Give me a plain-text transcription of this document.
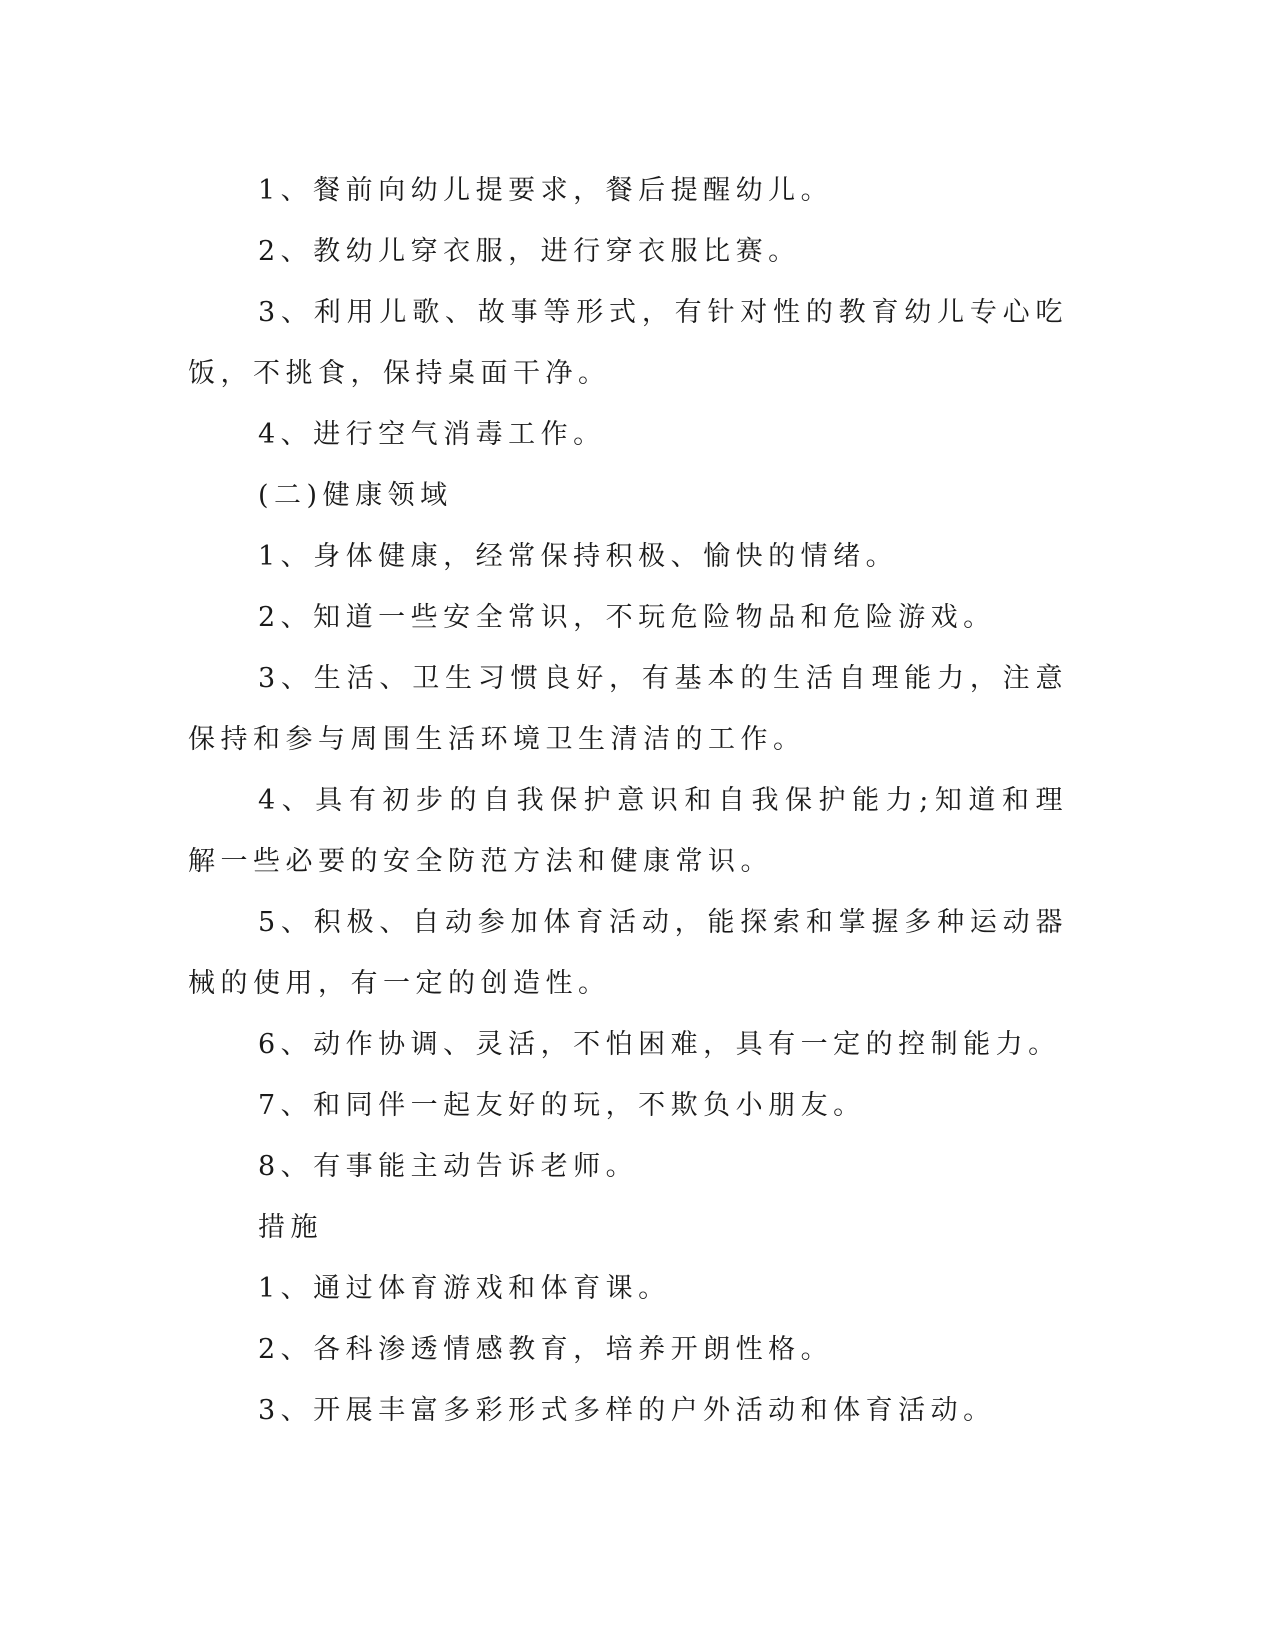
1、餐前向幼儿提要求，餐后提醒幼儿。

2、教幼儿穿衣服，进行穿衣服比赛。

3、利用儿歌、故事等形式，有针对性的教育幼儿专心吃饭，不挑食，保持桌面干净。

4、进行空气消毒工作。

(二)健康领域

1、身体健康，经常保持积极、愉快的情绪。

2、知道一些安全常识，不玩危险物品和危险游戏。

3、生活、卫生习惯良好，有基本的生活自理能力，注意保持和参与周围生活环境卫生清洁的工作。

4、具有初步的自我保护意识和自我保护能力;知道和理解一些必要的安全防范方法和健康常识。

5、积极、自动参加体育活动，能探索和掌握多种运动器械的使用，有一定的创造性。

6、动作协调、灵活，不怕困难，具有一定的控制能力。

7、和同伴一起友好的玩，不欺负小朋友。

8、有事能主动告诉老师。

措施

1、通过体育游戏和体育课。

2、各科渗透情感教育，培养开朗性格。

3、开展丰富多彩形式多样的户外活动和体育活动。
